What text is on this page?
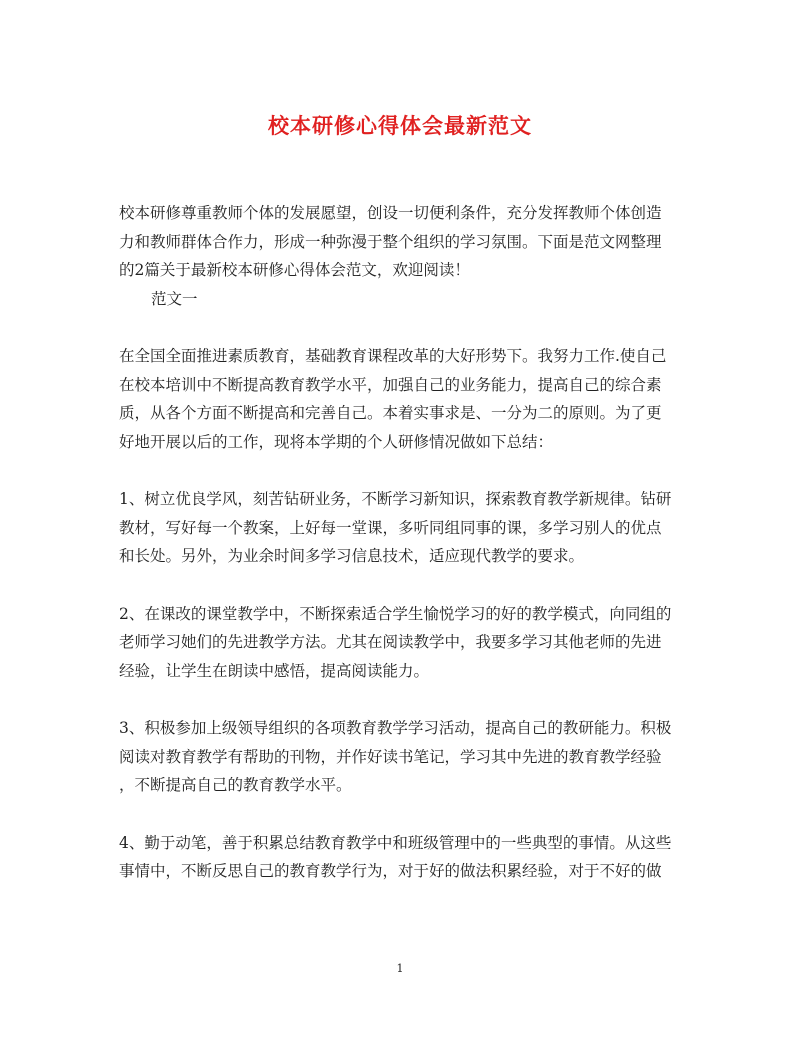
校本研修心得体会最新范文

校本研修尊重教师个体的发展愿望，创设一切便利条件，充分发挥教师个体创造
力和教师群体合作力，形成一种弥漫于整个组织的学习氛围。下面是范文网整理
的2篇关于最新校本研修心得体会范文，欢迎阅读！

范文一

在全国全面推进素质教育，基础教育课程改革的大好形势下。我努力工作.使自己
在校本培训中不断提高教育教学水平，加强自己的业务能力，提高自己的综合素
质，从各个方面不断提高和完善自己。本着实事求是、一分为二的原则。为了更
好地开展以后的工作，现将本学期的个人研修情况做如下总结：

1、树立优良学风，刻苦钻研业务，不断学习新知识，探索教育教学新规律。钻研
教材，写好每一个教案，上好每一堂课，多听同组同事的课，多学习别人的优点
和长处。另外，为业余时间多学习信息技术，适应现代教学的要求。

2、在课改的课堂教学中，不断探索适合学生愉悦学习的好的教学模式，向同组的
老师学习她们的先进教学方法。尤其在阅读教学中，我要多学习其他老师的先进
经验，让学生在朗读中感悟，提高阅读能力。

3、积极参加上级领导组织的各项教育教学学习活动，提高自己的教研能力。积极
阅读对教育教学有帮助的刊物，并作好读书笔记，学习其中先进的教育教学经验
，不断提高自己的教育教学水平。

4、勤于动笔，善于积累总结教育教学中和班级管理中的一些典型的事情。从这些
事情中，不断反思自己的教育教学行为，对于好的做法积累经验，对于不好的做

1
